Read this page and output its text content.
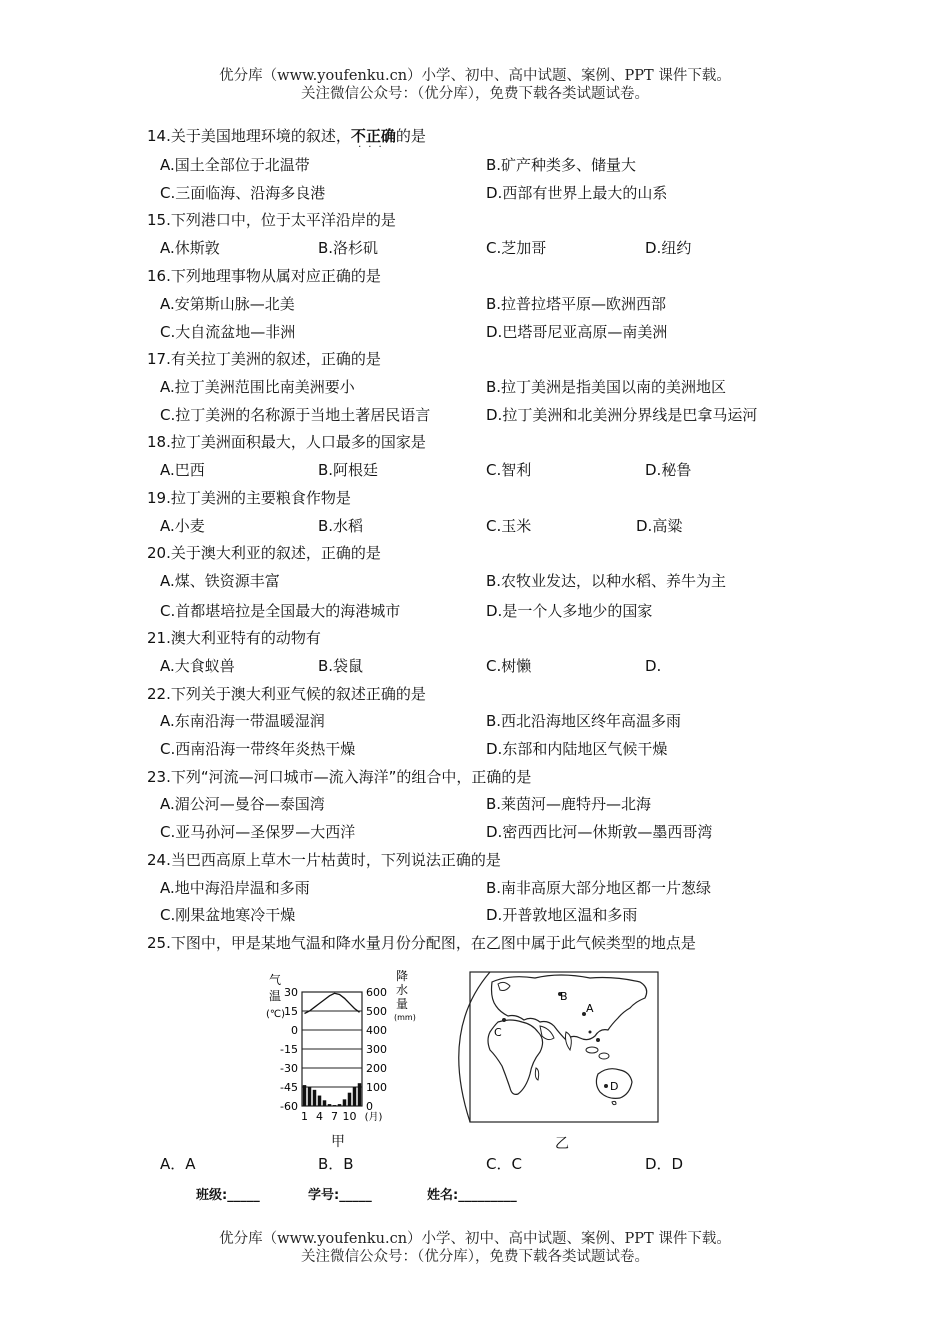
优分库（www.youfenku.cn）小学、初中、高中试题、案例、PPT 课件下载。
关注微信公众号：（优分库），免费下载各类试题试卷。
14.关于美国地理环境的叙述，不正确
···
的是
A.国土全部位于北温带	B.矿产种类多、储量大
C.三面临海、沿海多良港	D.西部有世界上最大的山系
15.下列港口中，位于太平洋沿岸的是
A.休斯敦	B.洛杉矶	C.芝加哥	D.纽约
16.下列地理事物从属对应正确的是
A.安第斯山脉—北美	B.拉普拉塔平原—欧洲西部
C.大自流盆地—非洲	D.巴塔哥尼亚高原—南美洲
17.有关拉丁美洲的叙述，正确的是
A.拉丁美洲范围比南美洲要小	B.拉丁美洲是指美国以南的美洲地区
C.拉丁美洲的名称源于当地土著居民语言	D.拉丁美洲和北美洲分界线是巴拿马运河
18.拉丁美洲面积最大，人口最多的国家是
A.巴西	B.阿根廷	C.智利	D.秘鲁
19.拉丁美洲的主要粮食作物是
A.小麦	B.水稻	C.玉米	D.高粱
20.关于澳大利亚的叙述，正确的是
A.煤、铁资源丰富	B.农牧业发达，以种水稻、养牛为主
C.首都堪培拉是全国最大的海港城市	D.是一个人多地少的国家
21.澳大利亚特有的动物有
A.大食蚁兽	B.袋鼠	C.树懒	D.
22.下列关于澳大利亚气候的叙述正确的是
A.东南沿海一带温暖湿润	B.西北沿海地区终年高温多雨
C.西南沿海一带终年炎热干燥	D.东部和内陆地区气候干燥
23.下列“河流—河口城市—流入海洋”的组合中，正确的是
A.湄公河—曼谷—泰国湾	B.莱茵河—鹿特丹—北海
C.亚马孙河—圣保罗—大西洋	D.密西西比河—休斯敦—墨西哥湾
24.当巴西高原上草木一片枯黄时，下列说法正确的是
A.地中海沿岸温和多雨	B.南非高原大部分地区都一片葱绿
C.刚果盆地寒冷干燥	D.开普敦地区温和多雨
25.下图中，甲是某地气温和降水量月份分配图，在乙图中属于此气候类型的地点是
气
温
(℃)
降
水
量
(mm)
30
15
0
-15
-30
-45
-60
600
500
400
300
200
100
0
1 4 7 10 (月)
甲
A
B
C
D
乙
A．A	B．B	C．C	D．D
班级:_____	学号:_____	姓名:_________
优分库（www.youfenku.cn）小学、初中、高中试题、案例、PPT 课件下载。
关注微信公众号：（优分库），免费下载各类试题试卷。
